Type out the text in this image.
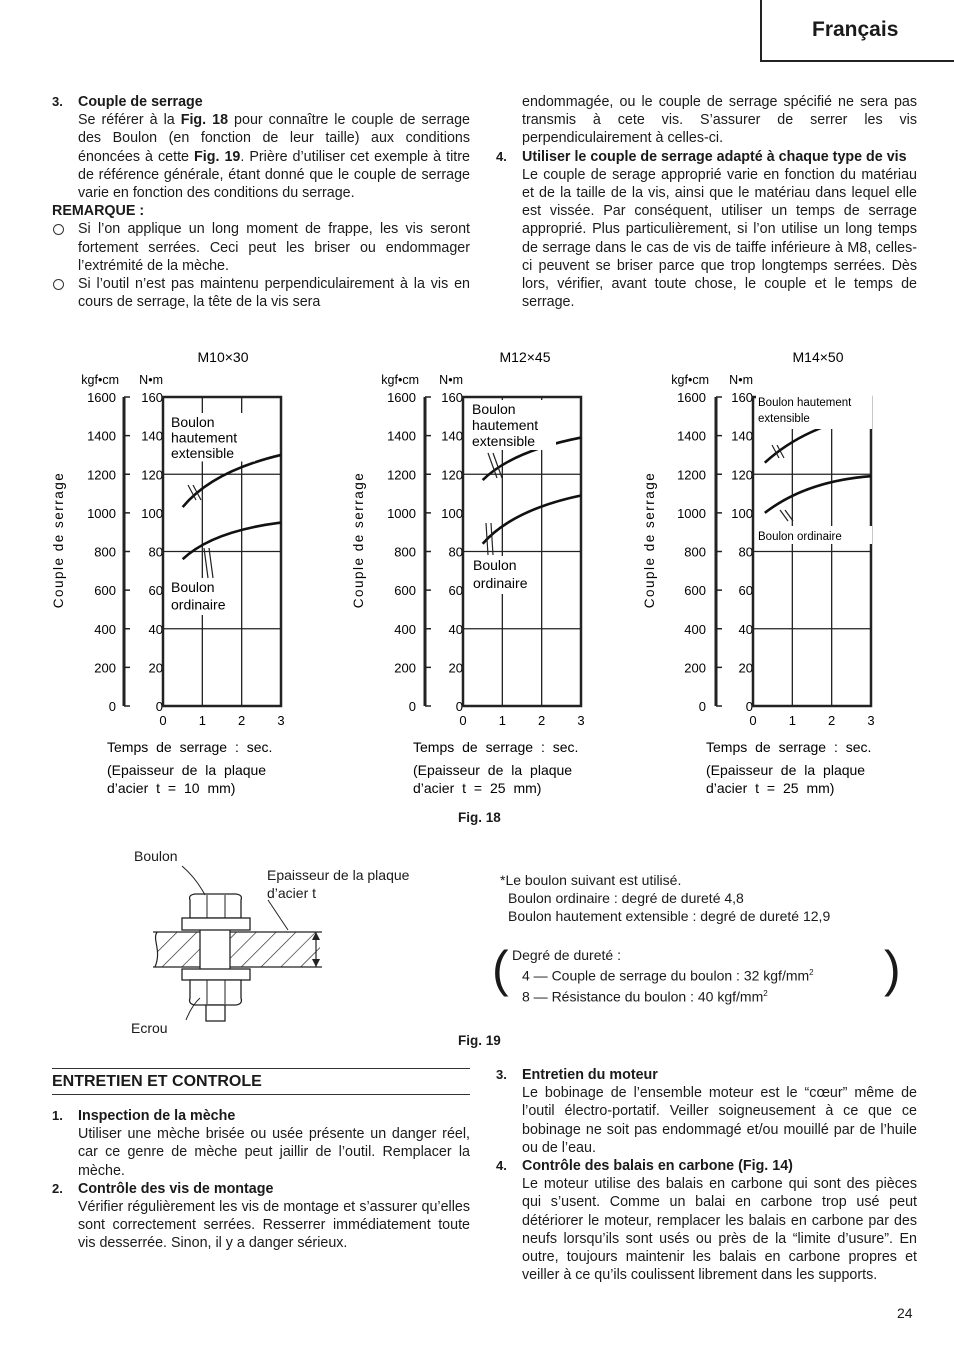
Français
3. Couple de serrage

Se référer à la Fig. 18 pour connaître le couple de serrage des Boulon (en fonction de leur taille) aux conditions énoncées à cette Fig. 19. Prière d’utiliser cet exemple à titre de référence générale, étant donné que le couple de serrage varie en fonction des conditions du serrage.

REMARQUE :

Si l’on applique un long moment de frappe, les vis seront fortement serrées. Ceci peut les briser ou endommager l’extrémité de la mèche.

Si l’outil n’est pas maintenu perpendiculairement à la vis en cours de serrage, la tête de la vis sera

endommagée, ou le couple de serrage spécifié ne sera pas transmis à cete vis. S’assurer de serrer les vis perpendiculairement à celles-ci.

4. Utiliser le couple de serrage adapté à chaque type de vis

Le couple de serage approprié varie en fonction du matériau et de la taille de la vis, ainsi que le matériau dans lequel elle est vissée. Par conséquent, utiliser un temps de serrage approprié. Plus particulièrement, si l’on utilise un long temps de serrage dans le cas de vis de taiffe inférieure à M8, celles-ci peuvent se briser parce que trop longtemps serrées. Dès lors, vérifier, avant toute chose, le couple et le temps de serrage.

M10×30
kgf•cm N•m
0	0
200	20
400	40
600	60
800	80
1000 100
1200 120
1400 140
1600 160
0 1 2 3
Couple de serrage
Boulon
hautement
extensible
Boulon
ordinaire
Temps de serrage : sec.
(Epaisseur de la plaque
d’acier t = 10 mm)
M12×45
kgf•cm N•m
0	0
200	20
400	40
600	60
800	80
1000 100
1200 120
1400 140
1600 160
0 1 2 3
Couple de serrage
Boulon
hautement
extensible
Boulon
ordinaire
Temps de serrage : sec.
(Epaisseur de la plaque
d’acier t = 25 mm)
M14×50
kgf•cm N•m
0	0
200	20
400	40
600	60
800	80
1000 100
1200 120
1400 140
1600 160
0 1 2 3
Couple de serrage
Boulon hautement
extensible
Boulon ordinaire
Temps de serrage : sec.
(Epaisseur de la plaque
d’acier t = 25 mm)
Fig. 18
Boulon
Ecrou
Epaisseur de la plaque
d’acier t
*Le boulon suivant est utilisé.
Boulon ordinaire : degré de dureté 4,8
Boulon hautement extensible : degré de dureté 12,9
(	)
Degré de dureté :
4 — Couple de serrage du boulon : 32 kgf/$mm^2$
8 — Résistance du boulon : 40 kgf/$mm^2$
Fig. 19
ENTRETIEN ET CONTROLE
1. Inspection de la mèche

Utiliser une mèche brisée ou usée présente un danger réel, car ce genre de mèche peut jaillir de l’outil. Remplacer la mèche.

2. Contrôle des vis de montage

Vérifier régulièrement les vis de montage et s’assurer qu’elles sont correctement serrées. Resserrer immédiatement toute vis desserrée. Sinon, il y a danger sérieux.

3. Entretien du moteur

Le bobinage de l’ensemble moteur est le “cœur” même de l’outil électro-portatif. Veiller soigneusement à ce que ce bobinage ne soit pas endommagé et/ou mouillé par de l’huile ou de l’eau.

4. Contrôle des balais en carbone (Fig. 14)

Le moteur utilise des balais en carbone qui sont des pièces qui s’usent. Comme un balai en carbone trop usé peut détériorer le moteur, remplacer les balais en carbone par des neufs lorsqu’ils sont usés ou près de la “limite d’usure”. En outre, toujours maintenir les balais en carbone propres et veiller à ce qu’ils coulissent librement dans les supports.

24
